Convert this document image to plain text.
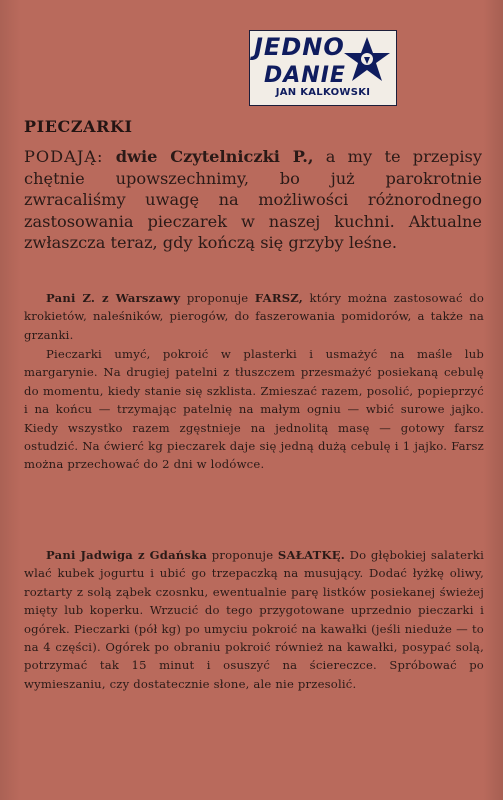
JEDNO
DANIE
JAN KALKOWSKI
PIECZARKI
PODAJĄ: dwie Czytelniczki P., a my te przepisy chętnie upowszechnimy, bo już parokrotnie zwracaliśmy uwagę na możliwości różnorodnego zastosowania pieczarek w naszej kuchni. Aktualne zwłaszcza teraz, gdy kończą się grzyby leśne.

Pani Z. z Warszawy proponuje FARSZ, który można zastosować do krokietów, naleśników, pierogów, do faszerowania pomidorów, a także na grzanki.

Pieczarki umyć, pokroić w plasterki i usmażyć na maśle lub margarynie. Na drugiej patelni z tłuszczem przesmażyć posiekaną cebulę do momentu, kiedy stanie się szklista. Zmieszać razem, posolić, popieprzyć i na końcu — trzymając patelnię na małym ogniu — wbić surowe jajko. Kiedy wszystko razem zgęstnieje na jednolitą masę — gotowy farsz ostudzić. Na ćwierć kg pieczarek daje się jedną dużą cebulę i 1 jajko. Farsz można przechować do 2 dni w lodówce.

Pani Jadwiga z Gdańska proponuje SAŁATKĘ. Do głębokiej salaterki wlać kubek jogurtu i ubić go trzepaczką na musujący. Dodać łyżkę oliwy, roztarty z solą ząbek czosnku, ewentualnie parę listków posiekanej świeżej mięty lub koperku. Wrzucić do tego przygotowane uprzednio pieczarki i ogórek. Pieczarki (pół kg) po umyciu pokroić na kawałki (jeśli nieduże — to na 4 części). Ogórek po obraniu pokroić również na kawałki, posypać solą, potrzymać tak 15 minut i osuszyć na ściereczce. Spróbować po wymieszaniu, czy dostatecznie słone, ale nie przesolić.
